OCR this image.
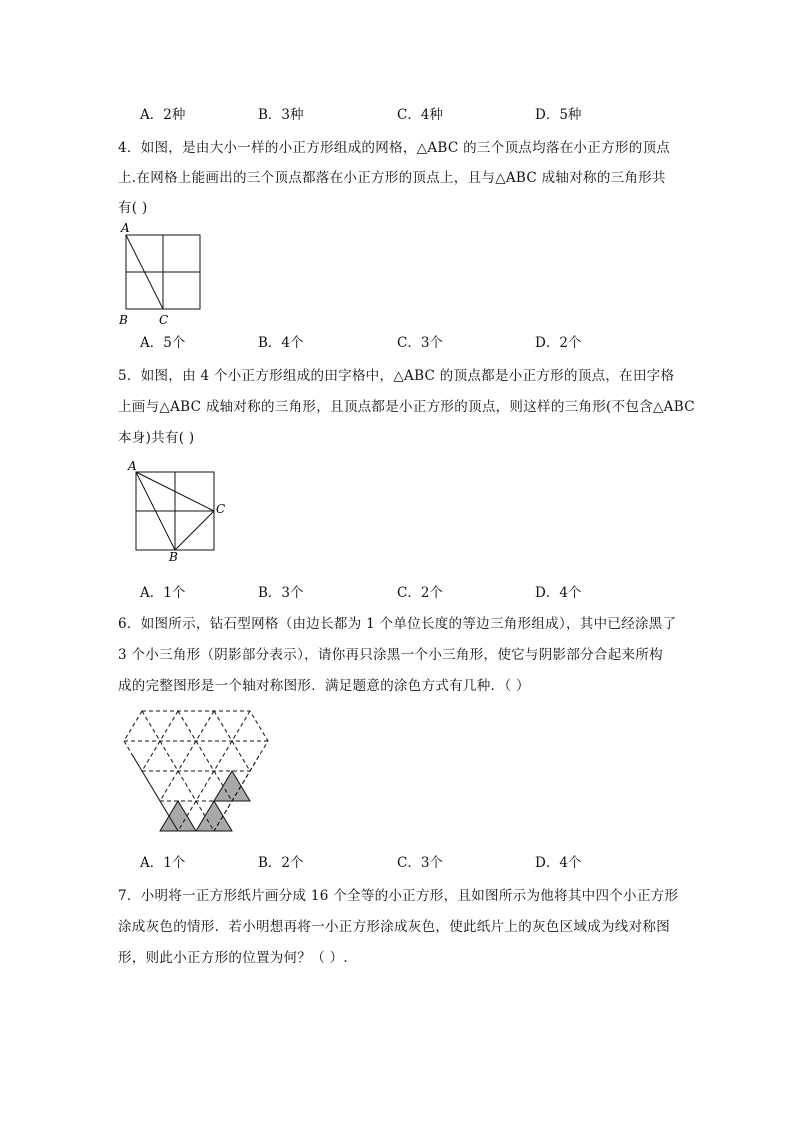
A．2种	B．3种	C．4种	D．5种
4．如图，是由大小一样的小正方形组成的网格，△ABC 的三个顶点均落在小正方形的顶点
上.在网格上能画出的三个顶点都落在小正方形的顶点上，且与△ABC 成轴对称的三角形共
有( )
A
B	C
A．5个	B．4个	C．3个	D．2个
5．如图，由 4 个小正方形组成的田字格中，△ABC 的顶点都是小正方形的顶点，在田字格
上画与△ABC 成轴对称的三角形，且顶点都是小正方形的顶点，则这样的三角形(不包含△ABC
本身)共有( )
A
C
B
A．1个	B．3个	C．2个	D．4个
6．如图所示，钻石型网格（由边长都为 1 个单位长度的等边三角形组成），其中已经涂黑了
3 个小三角形（阴影部分表示），请你再只涂黑一个小三角形，使它与阴影部分合起来所构
成的完整图形是一个轴对称图形．满足题意的涂色方式有几种．（ ）
A．1个	B．2个	C．3个	D．4个
7．小明将一正方形纸片画分成 16 个全等的小正方形，且如图所示为他将其中四个小正方形
涂成灰色的情形．若小明想再将一小正方形涂成灰色，使此纸片上的灰色区域成为线对称图
形，则此小正方形的位置为何？（ ）.
